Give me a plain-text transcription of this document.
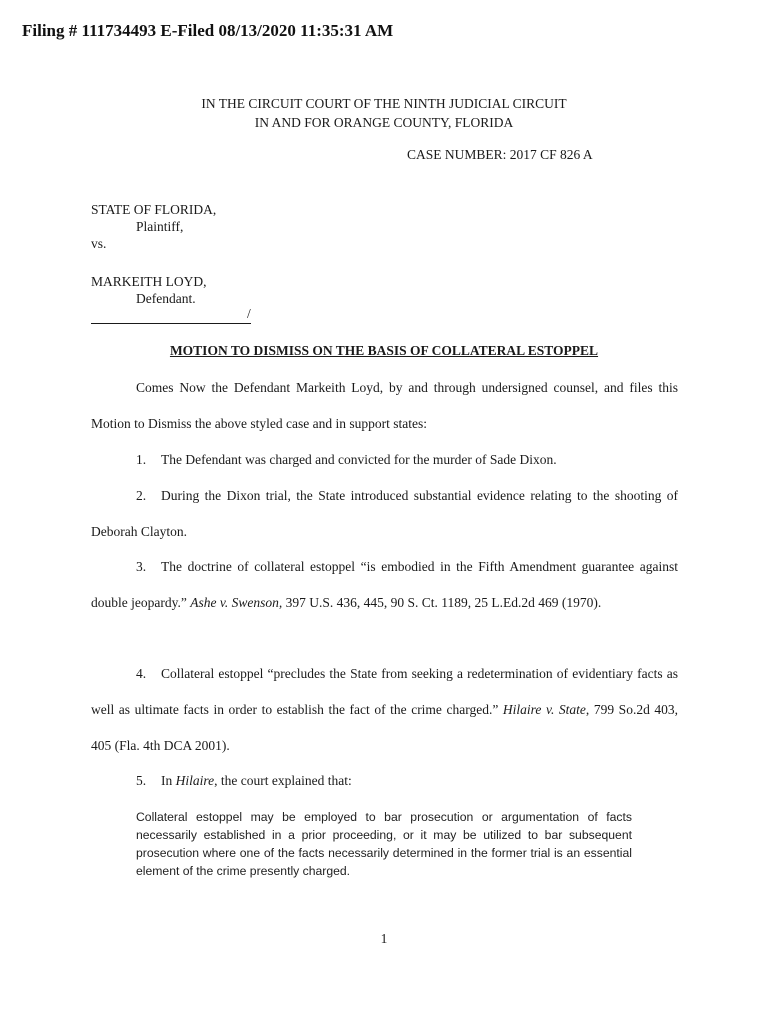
Filing # 111734493 E-Filed 08/13/2020 11:35:31 AM
IN THE CIRCUIT COURT OF THE NINTH JUDICIAL CIRCUIT
IN AND FOR ORANGE COUNTY, FLORIDA
CASE NUMBER: 2017 CF 826 A
STATE OF FLORIDA,
Plaintiff,
vs.
MARKEITH LOYD,
Defendant.
/
MOTION TO DISMISS ON THE BASIS OF COLLATERAL ESTOPPEL
Comes Now the Defendant Markeith Loyd, by and through undersigned counsel, and files this Motion to Dismiss the above styled case and in support states:
1. The Defendant was charged and convicted for the murder of Sade Dixon.
2. During the Dixon trial, the State introduced substantial evidence relating to the shooting of Deborah Clayton.
3. The doctrine of collateral estoppel “is embodied in the Fifth Amendment guarantee against double jeopardy.” Ashe v. Swenson, 397 U.S. 436, 445, 90 S. Ct. 1189, 25 L.Ed.2d 469 (1970).
4. Collateral estoppel “precludes the State from seeking a redetermination of evidentiary facts as well as ultimate facts in order to establish the fact of the crime charged.” Hilaire v. State, 799 So.2d 403, 405 (Fla. 4th DCA 2001).
5. In Hilaire, the court explained that:
Collateral estoppel may be employed to bar prosecution or argumentation of facts necessarily established in a prior proceeding, or it may be utilized to bar subsequent prosecution where one of the facts necessarily determined in the former trial is an essential element of the crime presently charged.
1
